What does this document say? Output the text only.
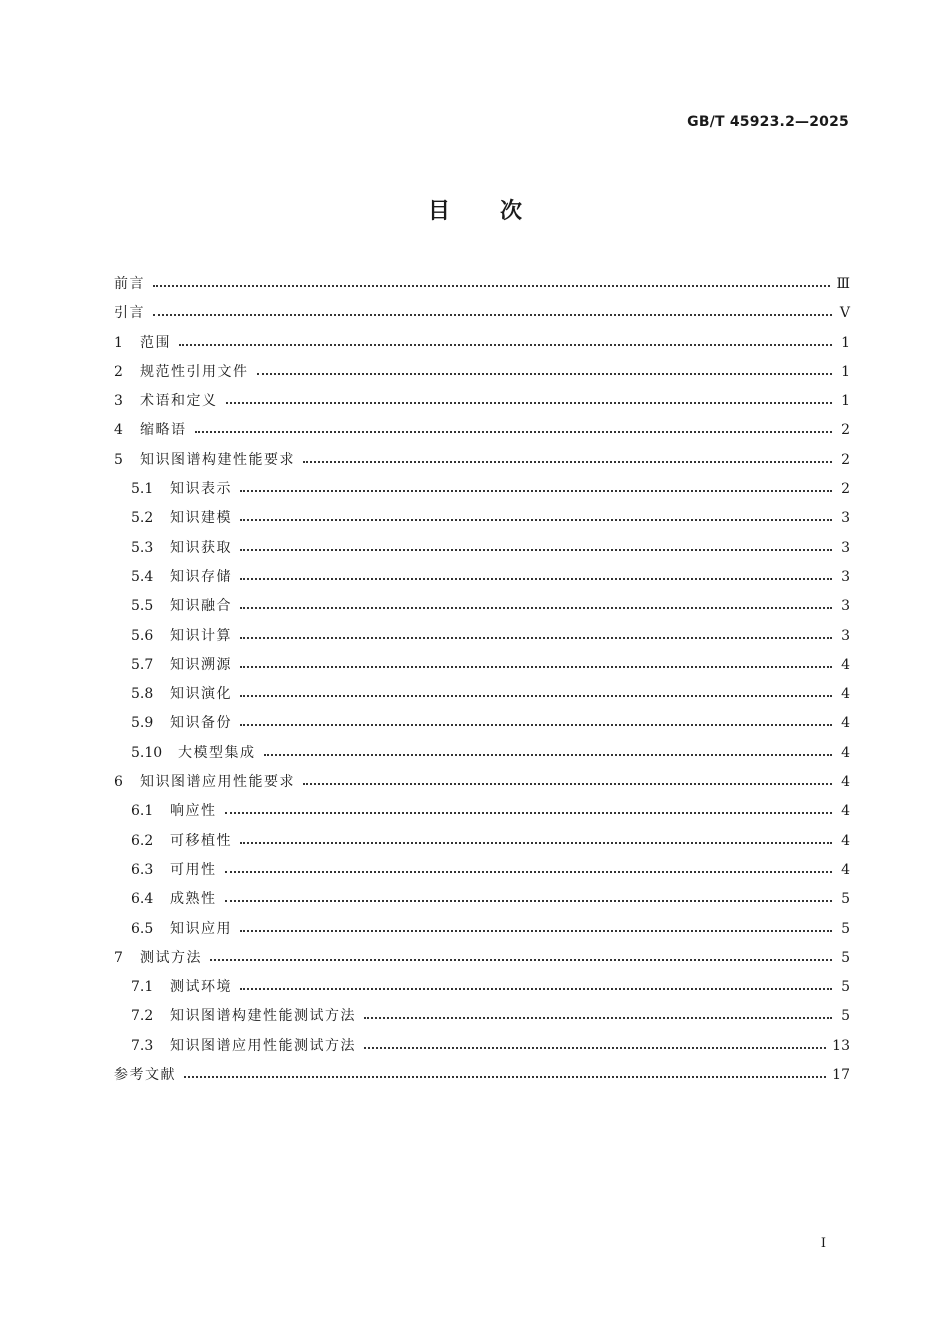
GB/T 45923.2—2025
目次
前言	Ⅲ
引言	Ⅴ
1	范围	1
2	规范性引用文件	1
3	术语和定义	1
4	缩略语	2
5	知识图谱构建性能要求	2
5.1	知识表示	2
5.2	知识建模	3
5.3	知识获取	3
5.4	知识存储	3
5.5	知识融合	3
5.6	知识计算	3
5.7	知识溯源	4
5.8	知识演化	4
5.9	知识备份	4
5.10	大模型集成	4
6	知识图谱应用性能要求	4
6.1	响应性	4
6.2	可移植性	4
6.3	可用性	4
6.4	成熟性	5
6.5	知识应用	5
7	测试方法	5
7.1	测试环境	5
7.2	知识图谱构建性能测试方法	5
7.3	知识图谱应用性能测试方法	13
参考文献	17
Ⅰ
